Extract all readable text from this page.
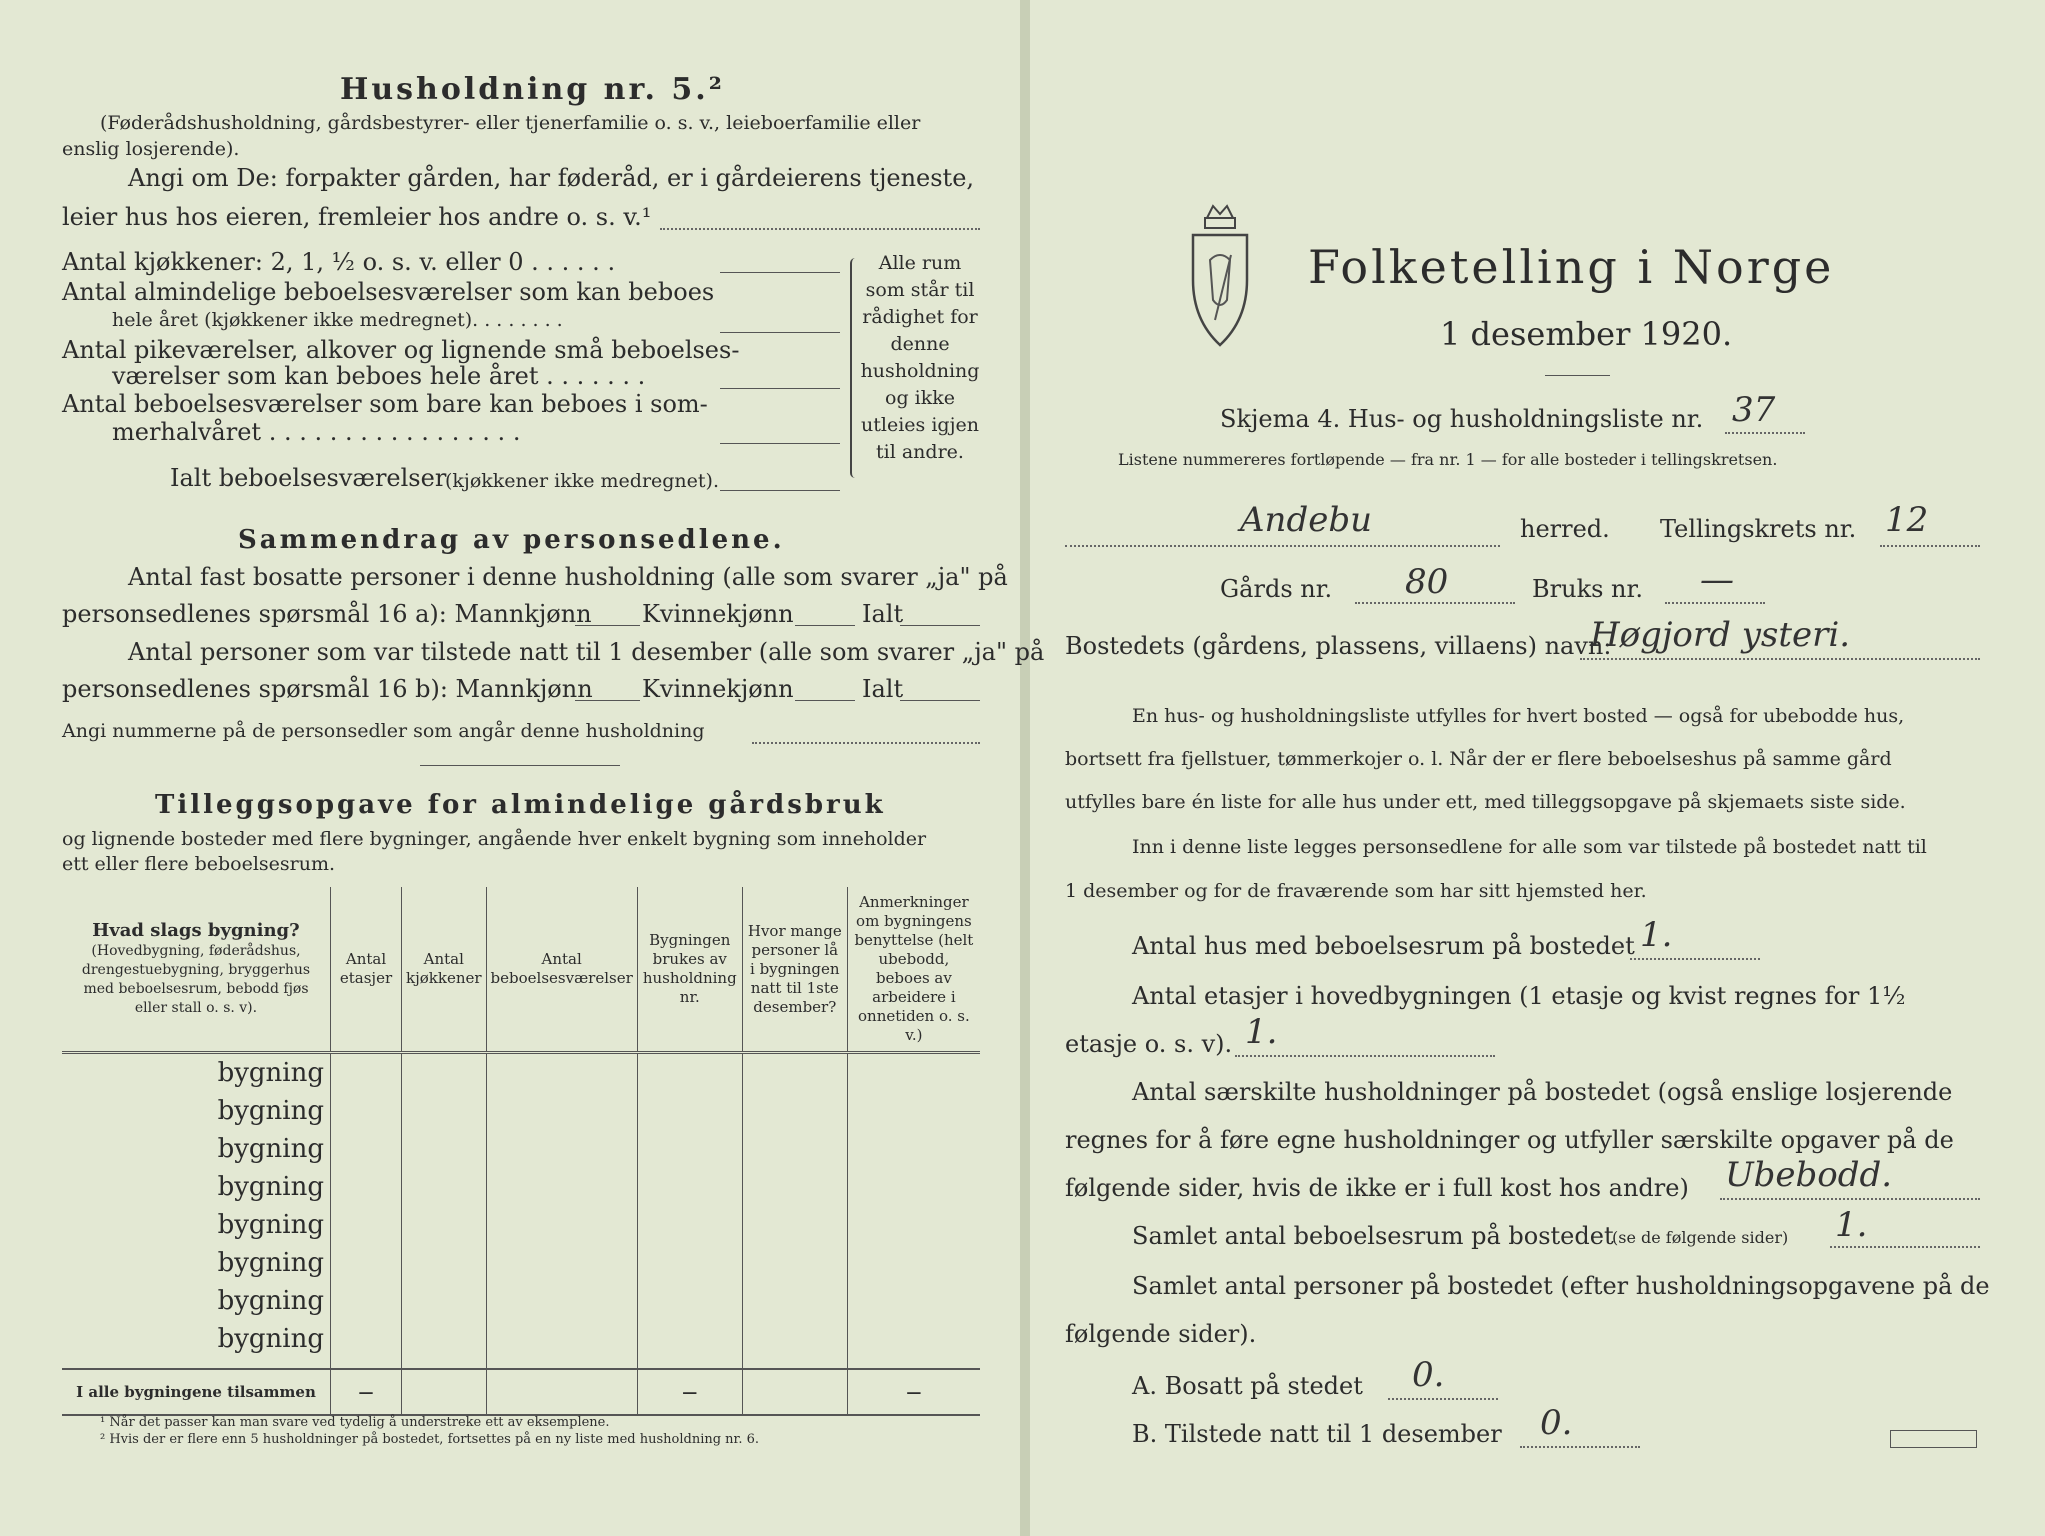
Husholdning nr. 5.²
(Føderådshusholdning, gårdsbestyrer- eller tjenerfamilie o. s. v., leieboerfamilie eller
enslig losjerende).
Angi om De: forpakter gården, har føderåd, er i gårdeierens tjeneste,
leier hus hos eieren, fremleier hos andre o. s. v.¹
Antal kjøkkener: 2, 1, ½ o. s. v. eller 0 . . . . . .
Antal almindelige beboelsesværelser som kan beboes
hele året (kjøkkener ikke medregnet). . . . . . . .
Antal pikeværelser, alkover og lignende små beboelses-
værelser som kan beboes hele året . . . . . . .
Antal beboelsesværelser som bare kan beboes i som-
merhalvåret . . . . . . . . . . . . . . . . .
Ialt beboelsesværelser
(kjøkkener ikke medregnet).
Alle rum som står til rådighet for denne husholdning og ikke utleies igjen til andre.
Sammendrag av personsedlene.
Antal fast bosatte personer i denne husholdning (alle som svarer „ja" på
personsedlenes spørsmål 16 a): Mannkjønn Kvinnekjønn	Ialt
Antal personer som var tilstede natt til 1 desember (alle som svarer „ja" på
personsedlenes spørsmål 16 b): Mannkjønn Kvinnekjønn	Ialt
Angi nummerne på de personsedler som angår denne husholdning
Tilleggsopgave for almindelige gårdsbruk
og lignende bosteder med flere bygninger, angående hver enkelt bygning som inneholder
ett eller flere beboelsesrum.
Hvad slags bygning?
(Hovedbygning, føderådshus, drengestuebygning, bryggerhus med beboelsesrum, bebodd fjøs eller stall o. s. v).	Antal etasjer	Antal kjøkkener	Antal beboelsesværelser	Bygningen brukes av husholdning nr.	Hvor mange personer lå i bygningen natt til 1ste desember?	Anmerkninger om bygningens benyttelse (helt ubebodd, beboes av arbeidere i onnetiden o. s. v.)
bygning						
bygning						
bygning						
bygning						
bygning						
bygning						
bygning						
bygning						

I alle bygningene tilsammen	—			—		—
¹ Når det passer kan man svare ved tydelig å understreke ett av eksemplene.
² Hvis der er flere enn 5 husholdninger på bostedet, fortsettes på en ny liste med husholdning nr. 6.
Folketelling i Norge
1 desember 1920.
Skjema 4. Hus- og husholdningsliste nr. 37
Listene nummereres fortløpende — fra nr. 1 — for alle bosteder i tellingskretsen.
Andebu	herred. Tellingskrets nr. 12
Gårds nr. 80	Bruks nr. —
Bostedets (gårdens, plassens, villaens) navn:
Høgjord ysteri.
En hus- og husholdningsliste utfylles for hvert bosted — også for ubebodde hus,
bortsett fra fjellstuer, tømmerkojer o. l. Når der er flere beboelseshus på samme gård
utfylles bare én liste for alle hus under ett, med tilleggsopgave på skjemaets siste side.
Inn i denne liste legges personsedlene for alle som var tilstede på bostedet natt til
1 desember og for de fraværende som har sitt hjemsted her.
Antal hus med beboelsesrum på bostedet 1.
Antal etasjer i hovedbygningen (1 etasje og kvist regnes for 1½
etasje o. s. v). 1.
Antal særskilte husholdninger på bostedet (også enslige losjerende
regnes for å føre egne husholdninger og utfyller særskilte opgaver på de
følgende sider, hvis de ikke er i full kost hos andre) Ubebodd.
Samlet antal beboelsesrum på bostedet
(se de følgende sider) 1.
Samlet antal personer på bostedet (efter husholdningsopgavene på de
følgende sider).
A. Bosatt på stedet 0.
B. Tilstede natt til 1 desember 0.
